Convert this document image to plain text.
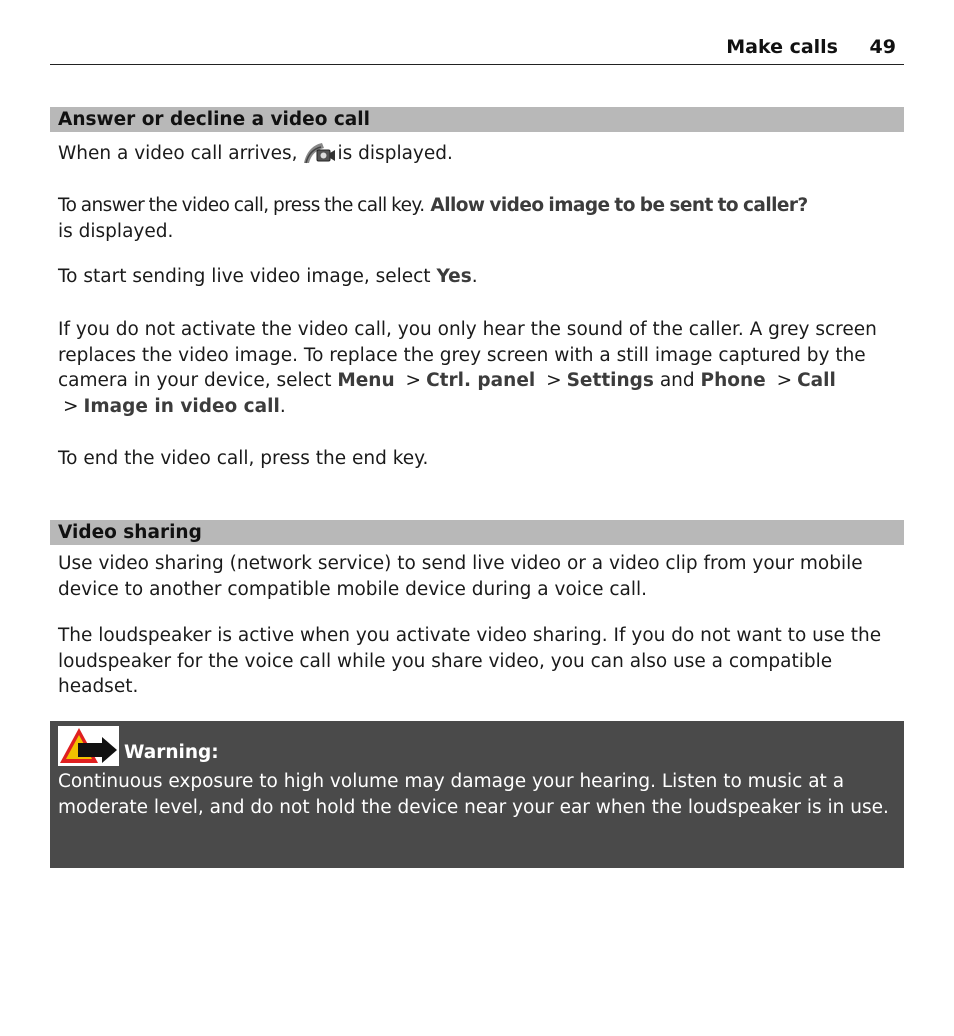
Make calls 49
Answer or decline a video call
When a video call arrives, is displayed.
To answer the video call, press the call key. Allow video image to be sent to caller?
is displayed.
To start sending live video image, select Yes.
If you do not activate the video call, you only hear the sound of the caller. A grey screen replaces the video image. To replace the grey screen with a still image captured by the camera in your device, select Menu > Ctrl. panel > Settings and Phone > Call > Image in video call.
To end the video call, press the end key.
Video sharing
Use video sharing (network service) to send live video or a video clip from your mobile device to another compatible mobile device during a voice call.
The loudspeaker is active when you activate video sharing. If you do not want to use the loudspeaker for the voice call while you share video, you can also use a compatible headset.
Warning:
Continuous exposure to high volume may damage your hearing. Listen to music at a moderate level, and do not hold the device near your ear when the loudspeaker is in use.
